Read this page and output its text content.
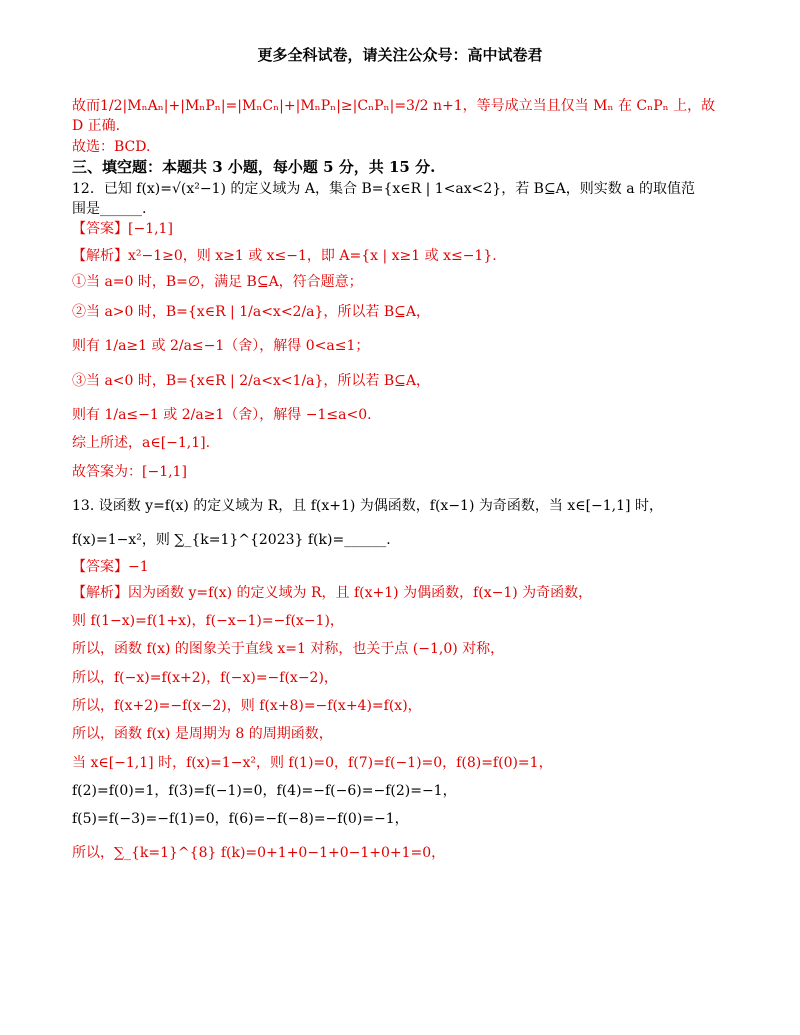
更多全科试卷，请关注公众号：高中试卷君

故而1/2|MₙAₙ|+|MₙPₙ|=|MₙCₙ|+|MₙPₙ|≥|CₙPₙ|=3/2 n+1，等号成立当且仅当 Mₙ 在 CₙPₙ 上，故

D 正确.

故选：BCD.

三、填空题：本题共 3 小题，每小题 5 分，共 15 分.

12．已知 f(x)=√(x²−1) 的定义域为 A，集合 B={x∈R | 1<ax<2}，若 B⊆A，则实数 a 的取值范

围是______.

【答案】[−1,1]

【解析】x²−1≥0，则 x≥1 或 x≤−1，即 A={x | x≥1 或 x≤−1}.

①当 a=0 时，B=∅，满足 B⊆A，符合题意；

②当 a>0 时，B={x∈R | 1/a<x<2/a}，所以若 B⊆A，

则有 1/a≥1 或 2/a≤−1（舍），解得 0<a≤1；

③当 a<0 时，B={x∈R | 2/a<x<1/a}，所以若 B⊆A，

则有 1/a≤−1 或 2/a≥1（舍），解得 −1≤a<0.

综上所述，a∈[−1,1].

故答案为：[−1,1]

13. 设函数 y=f(x) 的定义域为 R，且 f(x+1) 为偶函数，f(x−1) 为奇函数，当 x∈[−1,1] 时，

f(x)=1−x²，则 ∑_{k=1}^{2023} f(k)=______.

【答案】−1

【解析】因为函数 y=f(x) 的定义域为 R，且 f(x+1) 为偶函数，f(x−1) 为奇函数，

则 f(1−x)=f(1+x)，f(−x−1)=−f(x−1)，

所以，函数 f(x) 的图象关于直线 x=1 对称，也关于点 (−1,0) 对称，

所以，f(−x)=f(x+2)，f(−x)=−f(x−2)，

所以，f(x+2)=−f(x−2)，则 f(x+8)=−f(x+4)=f(x)，

所以，函数 f(x) 是周期为 8 的周期函数，

当 x∈[−1,1] 时，f(x)=1−x²，则 f(1)=0，f(7)=f(−1)=0，f(8)=f(0)=1，

f(2)=f(0)=1，f(3)=f(−1)=0，f(4)=−f(−6)=−f(2)=−1，

f(5)=f(−3)=−f(1)=0，f(6)=−f(−8)=−f(0)=−1，

所以，∑_{k=1}^{8} f(k)=0+1+0−1+0−1+0+1=0，
